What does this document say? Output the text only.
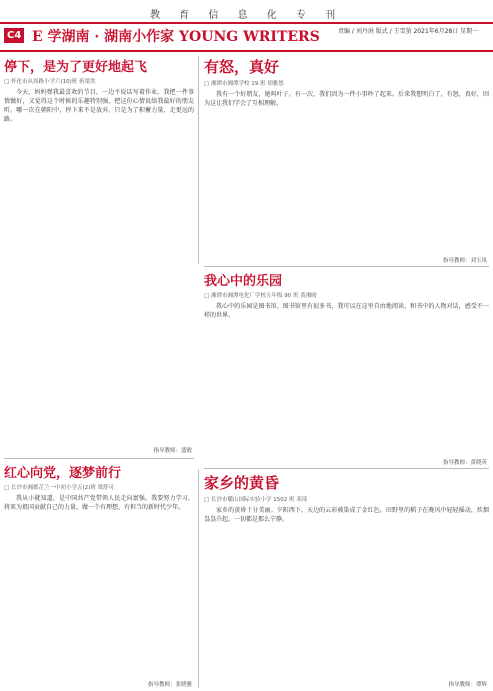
教 育 信 息 化 专 刊
C4 E 学湖南 · 湖南小作家 YOUNG WRITERS	责编 / 刘丹涓 版式 / 王雪萤 2021年6月28日 星期一
停下，是为了更好地起飞
□ 怀化市从周路小学六(10)班 蒋梁然
今天，妈妈弹我最喜欢的节目，一边不说话写着作业。我把一件事情做好，又觉得这个时候的乐趣特别强，把这份心情说给我最好的朋友听。哪一次在朝阳中，停下来不是放弃，只是为了积蓄力量，走更远的路。
指导教师：盛敏
有怒，真好
□ 湘潭市湘潭学校 19 班 胡雅悠
我有一个好朋友，她叫叶子。有一次，我们因为一件小事吵了起来。后来我想明白了，有怒，真好，因为这让我们学会了互相理解。
指导教师：刘玉凤
我心中的乐园
□ 湘潭市湘潭电化厂学校五年级 90 班 黄湘晴
我心中的乐园是图书馆。图书馆里有很多书，我可以在这里自由地阅读，和书中的人物对话，感受不一样的世界。
指导教师：黄晓英
红心向党，逐梦前行
□ 长沙市湘郡芷兰一中初小学五(2)班 梁舒可
我从小就知道，是中国共产党带领人民走向富强。我要努力学习，将来为祖国贡献自己的力量，做一个有理想、有担当的新时代少年。
指导教师：张晓雅
家乡的黄昏
□ 长沙市麓山国际实验小学 1502 班 邓琦
家乡的黄昏十分美丽。夕阳西下，天边的云彩被染成了金红色，田野里的稻子在晚风中轻轻摇动，炊烟袅袅升起，一切都是那么宁静。
指导教师：谭辉
